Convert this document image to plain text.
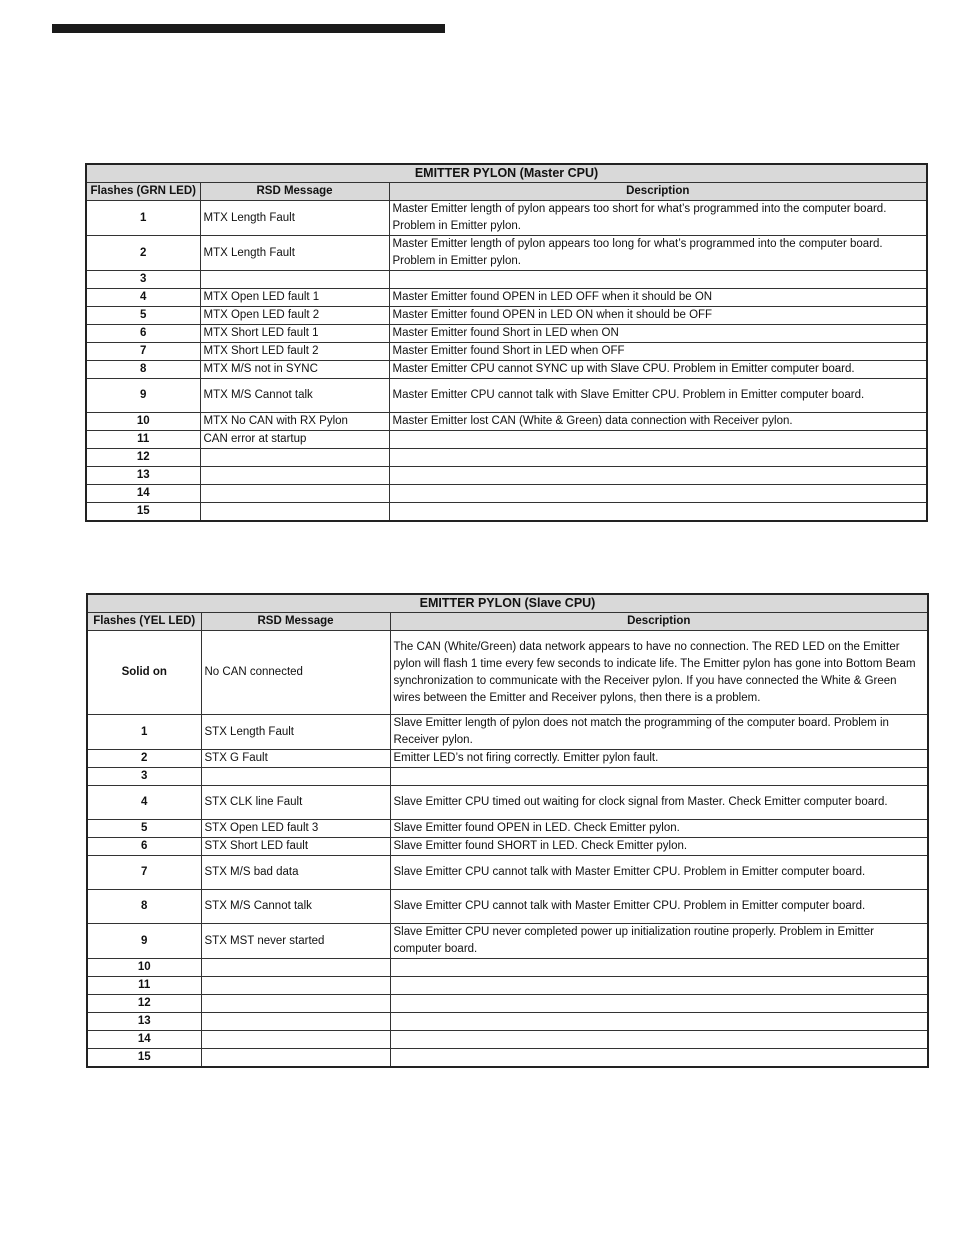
EMITTER PYLON (Master CPU)		
Flashes (GRN LED)	RSD Message	Description
1	MTX Length Fault	Master Emitter length of pylon appears too short for what’s programmed into the computer board. Problem in Emitter pylon.
2	MTX Length Fault	Master Emitter length of pylon appears too long for what’s programmed into the computer board. Problem in Emitter pylon.
3		
4	MTX Open LED fault 1	Master Emitter found OPEN in LED OFF when it should be ON
5	MTX Open LED fault 2	Master Emitter found OPEN in LED ON when it should be OFF
6	MTX Short LED fault 1	Master Emitter found Short in LED when ON
7	MTX Short LED fault 2	Master Emitter found Short in LED when OFF
8	MTX M/S not in SYNC	Master Emitter CPU cannot SYNC up with Slave CPU. Problem in Emitter computer board.
9	MTX M/S Cannot talk	Master Emitter CPU cannot talk with Slave Emitter CPU. Problem in Emitter computer board.
10	MTX No CAN with RX Pylon	Master Emitter lost CAN (White & Green) data connection with Receiver pylon.
11	CAN error at startup	
12		
13		
14		
15		
EMITTER PYLON (Slave CPU)		
Flashes (YEL LED)	RSD Message	Description
Solid on	No CAN connected	The CAN (White/Green) data network appears to have no connection. The RED LED on the Emitter pylon will flash 1 time every few seconds to indicate life. The Emitter pylon has gone into Bottom Beam synchronization to communicate with the Receiver pylon. If you have connected the White & Green wires between the Emitter and Receiver pylons, then there is a problem.
1	STX Length Fault	Slave Emitter length of pylon does not match the programming of the computer board. Problem in Receiver pylon.
2	STX G Fault	Emitter LED’s not firing correctly. Emitter pylon fault.
3		
4	STX CLK line Fault	Slave Emitter CPU timed out waiting for clock signal from Master. Check Emitter computer board.
5	STX Open LED fault 3	Slave Emitter found OPEN in LED. Check Emitter pylon.
6	STX Short LED fault	Slave Emitter found SHORT in LED. Check Emitter pylon.
7	STX M/S bad data	Slave Emitter CPU cannot talk with Master Emitter CPU. Problem in Emitter computer board.
8	STX M/S Cannot talk	Slave Emitter CPU cannot talk with Master Emitter CPU. Problem in Emitter computer board.
9	STX MST never started	Slave Emitter CPU never completed power up initialization routine properly. Problem in Emitter computer board.
10		
11		
12		
13		
14		
15		
